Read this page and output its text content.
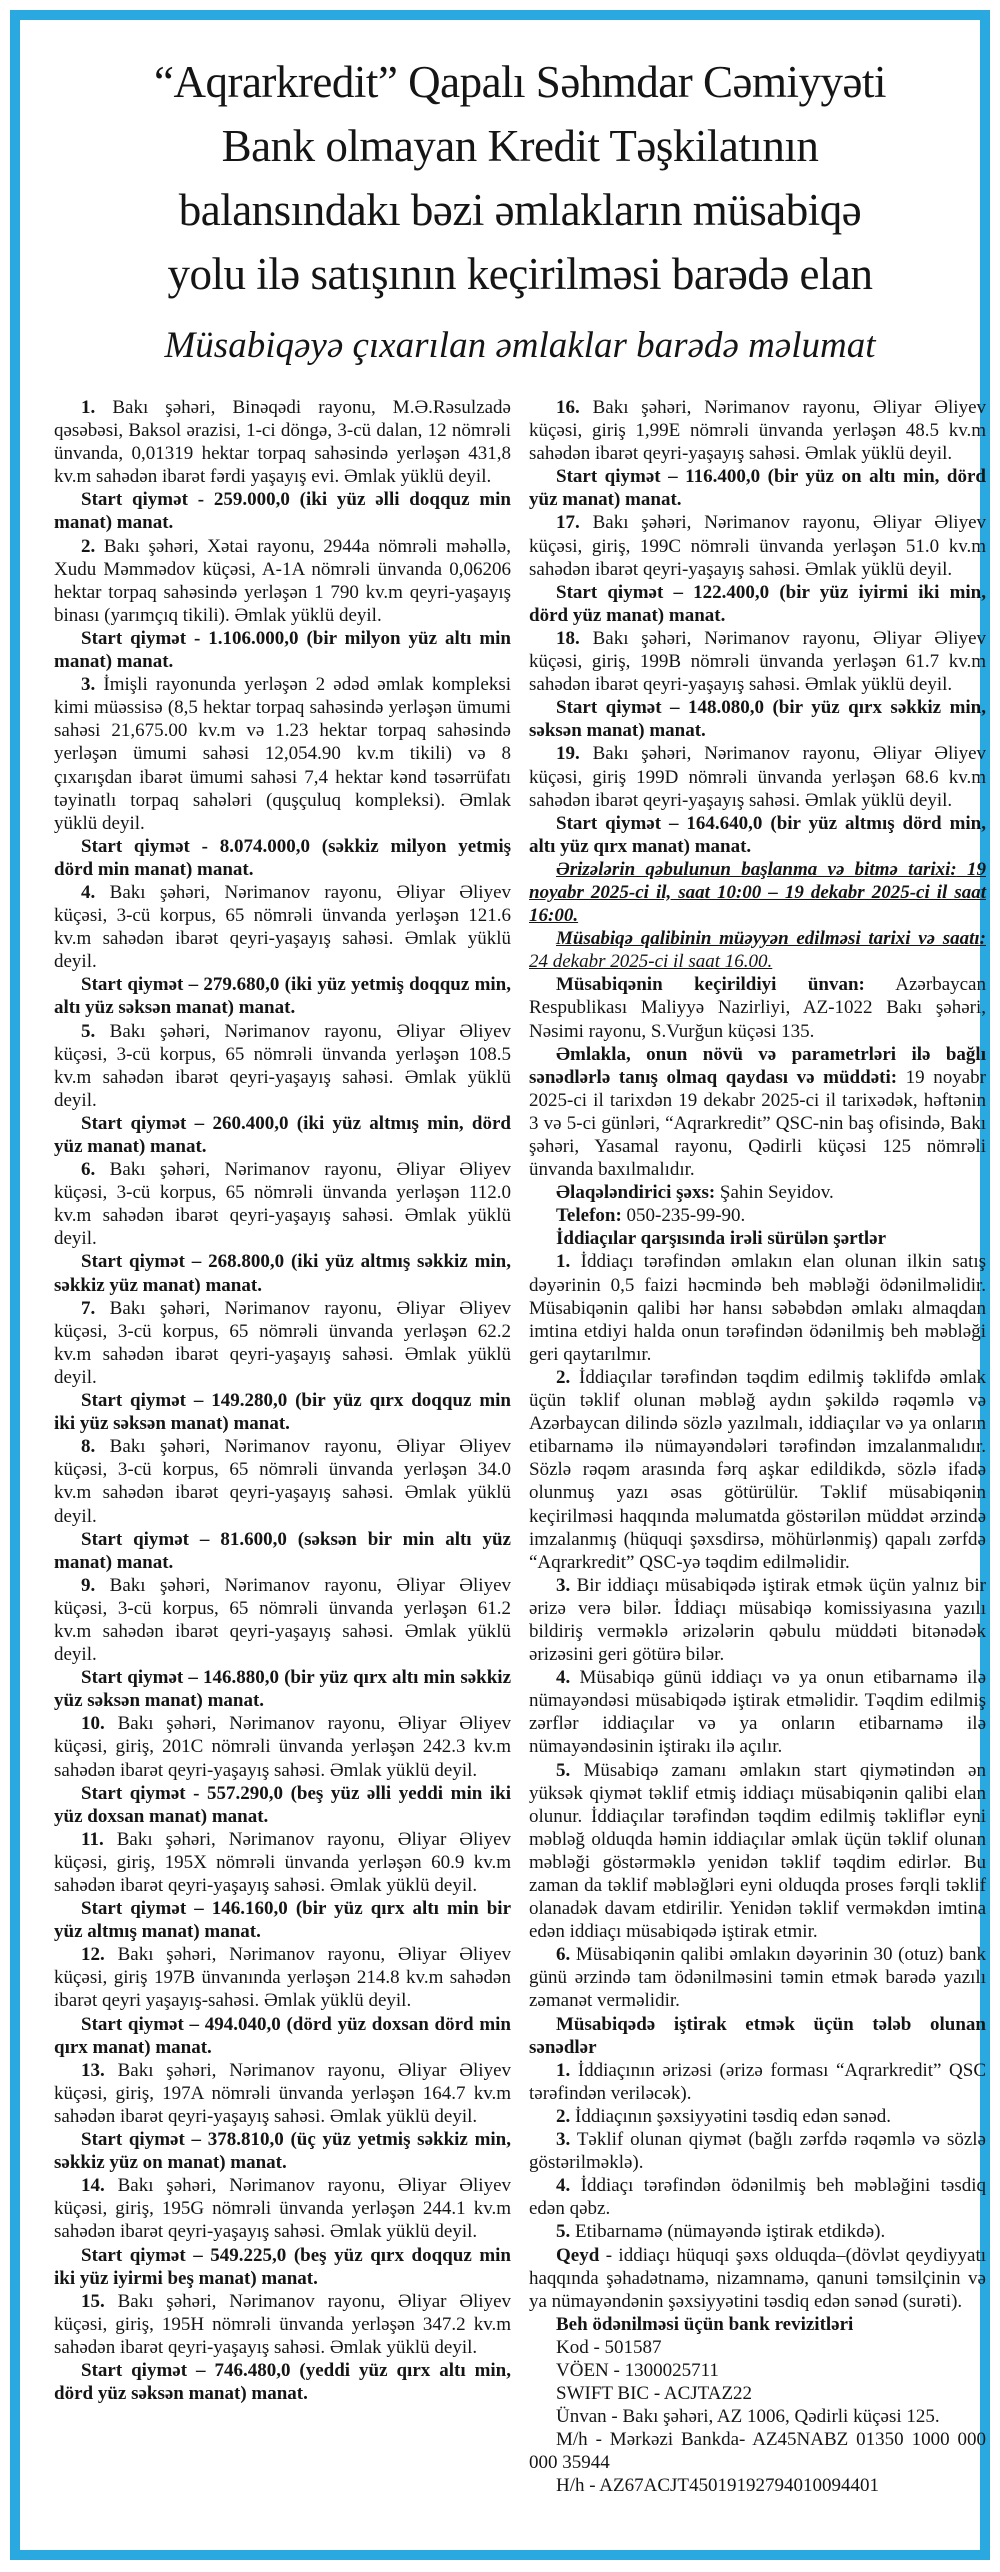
“Aqrarkredit” Qapalı Səhmdar Cəmiyyəti
Bank olmayan Kredit Təşkilatının
balansındakı bəzi əmlakların müsabiqə
yolu ilə satışının keçirilməsi barədə elan
Müsabiqəyə çıxarılan əmlaklar barədə məlumat

1. Bakı şəhəri, Binəqədi rayonu, M.Ə.Rəsulzadə qəsəbəsi, Baksol ərazisi, 1-ci döngə, 3-cü dalan, 12 nömrəli ünvanda, 0,01319 hektar torpaq sahəsində yerləşən 431,8 kv.m sahədən ibarət fərdi yaşayış evi. Əmlak yüklü deyil.

Start qiymət - 259.000,0 (iki yüz əlli doqquz min manat) manat.

2. Bakı şəhəri, Xətai rayonu, 2944a nömrəli məhəllə, Xudu Məmmədov küçəsi, A-1A nömrəli ünvanda 0,06206 hektar torpaq sahəsində yerləşən 1 790 kv.m qeyri-yaşayış binası (yarımçıq tikili). Əmlak yüklü deyil.

Start qiymət - 1.106.000,0 (bir milyon yüz altı min manat) manat.

3. İmişli rayonunda yerləşən 2 ədəd əmlak kompleksi kimi müəssisə (8,5 hektar torpaq sahəsində yerləşən ümumi sahəsi 21,675.00 kv.m və 1.23 hektar torpaq sahəsində yerləşən ümumi sahəsi 12,054.90 kv.m tikili) və 8 çıxarışdan ibarət ümumi sahəsi 7,4 hektar kənd təsərrüfatı təyinatlı torpaq sahələri (quşçuluq kompleksi). Əmlak yüklü deyil.

Start qiymət - 8.074.000,0 (səkkiz milyon yetmiş dörd min manat) manat.

4. Bakı şəhəri, Nərimanov rayonu, Əliyar Əliyev küçəsi, 3-cü korpus, 65 nömrəli ünvanda yerləşən 121.6 kv.m sahədən ibarət qeyri-yaşayış sahəsi. Əmlak yüklü deyil.

Start qiymət – 279.680,0 (iki yüz yetmiş doqquz min, altı yüz səksən manat) manat.

5. Bakı şəhəri, Nərimanov rayonu, Əliyar Əliyev küçəsi, 3-cü korpus, 65 nömrəli ünvanda yerləşən 108.5 kv.m sahədən ibarət qeyri-yaşayış sahəsi. Əmlak yüklü deyil.

Start qiymət – 260.400,0 (iki yüz altmış min, dörd yüz manat) manat.

6. Bakı şəhəri, Nərimanov rayonu, Əliyar Əliyev küçəsi, 3-cü korpus, 65 nömrəli ünvanda yerləşən 112.0 kv.m sahədən ibarət qeyri-yaşayış sahəsi. Əmlak yüklü deyil.

Start qiymət – 268.800,0 (iki yüz altmış səkkiz min, səkkiz yüz manat) manat.

7. Bakı şəhəri, Nərimanov rayonu, Əliyar Əliyev küçəsi, 3-cü korpus, 65 nömrəli ünvanda yerləşən 62.2 kv.m sahədən ibarət qeyri-yaşayış sahəsi. Əmlak yüklü deyil.

Start qiymət – 149.280,0 (bir yüz qırx doqquz min iki yüz səksən manat) manat.

8. Bakı şəhəri, Nərimanov rayonu, Əliyar Əliyev küçəsi, 3-cü korpus, 65 nömrəli ünvanda yerləşən 34.0 kv.m sahədən ibarət qeyri-yaşayış sahəsi. Əmlak yüklü deyil.

Start qiymət – 81.600,0 (səksən bir min altı yüz manat) manat.

9. Bakı şəhəri, Nərimanov rayonu, Əliyar Əliyev küçəsi, 3-cü korpus, 65 nömrəli ünvanda yerləşən 61.2 kv.m sahədən ibarət qeyri-yaşayış sahəsi. Əmlak yüklü deyil.

Start qiymət – 146.880,0 (bir yüz qırx altı min səkkiz yüz səksən manat) manat.

10. Bakı şəhəri, Nərimanov rayonu, Əliyar Əliyev küçəsi, giriş, 201C nömrəli ünvanda yerləşən 242.3 kv.m sahədən ibarət qeyri-yaşayış sahəsi. Əmlak yüklü deyil.

Start qiymət - 557.290,0 (beş yüz əlli yeddi min iki yüz doxsan manat) manat.

11. Bakı şəhəri, Nərimanov rayonu, Əliyar Əliyev küçəsi, giriş, 195X nömrəli ünvanda yerləşən 60.9 kv.m sahədən ibarət qeyri-yaşayış sahəsi. Əmlak yüklü deyil.

Start qiymət – 146.160,0 (bir yüz qırx altı min bir yüz altmış manat) manat.

12. Bakı şəhəri, Nərimanov rayonu, Əliyar Əliyev küçəsi, giriş 197B ünvanında yerləşən 214.8 kv.m sahədən ibarət qeyri yaşayış-sahəsi. Əmlak yüklü deyil.

Start qiymət – 494.040,0 (dörd yüz doxsan dörd min qırx manat) manat.

13. Bakı şəhəri, Nərimanov rayonu, Əliyar Əliyev küçəsi, giriş, 197A nömrəli ünvanda yerləşən 164.7 kv.m sahədən ibarət qeyri-yaşayış sahəsi. Əmlak yüklü deyil.

Start qiymət – 378.810,0 (üç yüz yetmiş səkkiz min, səkkiz yüz on manat) manat.

14. Bakı şəhəri, Nərimanov rayonu, Əliyar Əliyev küçəsi, giriş, 195G nömrəli ünvanda yerləşən 244.1 kv.m sahədən ibarət qeyri-yaşayış sahəsi. Əmlak yüklü deyil.

Start qiymət – 549.225,0 (beş yüz qırx doqquz min iki yüz iyirmi beş manat) manat.

15. Bakı şəhəri, Nərimanov rayonu, Əliyar Əliyev küçəsi, giriş, 195H nömrəli ünvanda yerləşən 347.2 kv.m sahədən ibarət qeyri-yaşayış sahəsi. Əmlak yüklü deyil.

Start qiymət – 746.480,0 (yeddi yüz qırx altı min, dörd yüz səksən manat) manat.

16. Bakı şəhəri, Nərimanov rayonu, Əliyar Əliyev küçəsi, giriş 1,99E nömrəli ünvanda yerləşən 48.5 kv.m sahədən ibarət qeyri-yaşayış sahəsi. Əmlak yüklü deyil.

Start qiymət – 116.400,0 (bir yüz on altı min, dörd yüz manat) manat.

17. Bakı şəhəri, Nərimanov rayonu, Əliyar Əliyev küçəsi, giriş, 199C nömrəli ünvanda yerləşən 51.0 kv.m sahədən ibarət qeyri-yaşayış sahəsi. Əmlak yüklü deyil.

Start qiymət – 122.400,0 (bir yüz iyirmi iki min, dörd yüz manat) manat.

18. Bakı şəhəri, Nərimanov rayonu, Əliyar Əliyev küçəsi, giriş, 199B nömrəli ünvanda yerləşən 61.7 kv.m sahədən ibarət qeyri-yaşayış sahəsi. Əmlak yüklü deyil.

Start qiymət – 148.080,0 (bir yüz qırx səkkiz min, səksən manat) manat.

19. Bakı şəhəri, Nərimanov rayonu, Əliyar Əliyev küçəsi, giriş 199D nömrəli ünvanda yerləşən 68.6 kv.m sahədən ibarət qeyri-yaşayış sahəsi. Əmlak yüklü deyil.

Start qiymət – 164.640,0 (bir yüz altmış dörd min, altı yüz qırx manat) manat.

Ərizələrin qəbulunun başlanma və bitmə tarixi: 19 noyabr 2025-ci il, saat 10:00 – 19 dekabr 2025-ci il saat 16:00.

Müsabiqə qalibinin müəyyən edilməsi tarixi və saatı: 24 dekabr 2025-ci il saat 16.00.

Müsabiqənin keçirildiyi ünvan: Azərbaycan Respublikası Maliyyə Nazirliyi, AZ-1022 Bakı şəhəri, Nəsimi rayonu, S.Vurğun küçəsi 135.

Əmlakla, onun növü və parametrləri ilə bağlı sənədlərlə tanış olmaq qaydası və müddəti: 19 noyabr 2025-ci il tarixdən 19 dekabr 2025-ci il tarixədək, həftənin 3 və 5-ci günləri, “Aqrarkredit” QSC-nin baş ofisində, Bakı şəhəri, Yasamal rayonu, Qədirli küçəsi 125 nömrəli ünvanda baxılmalıdır.

Əlaqələndirici şəxs: Şahin Seyidov.

Telefon: 050-235-99-90.

İddiaçılar qarşısında irəli sürülən şərtlər

1. İddiaçı tərəfindən əmlakın elan olunan ilkin satış dəyərinin 0,5 faizi həcmində beh məbləği ödənilməlidir. Müsabiqənin qalibi hər hansı səbəbdən əmlakı almaqdan imtina etdiyi halda onun tərəfindən ödənilmiş beh məbləği geri qaytarılmır.

2. İddiaçılar tərəfindən təqdim edilmiş təklifdə əmlak üçün təklif olunan məbləğ aydın şəkildə rəqəmlə və Azərbaycan dilində sözlə yazılmalı, iddiaçılar və ya onların etibarnamə ilə nümayəndələri tərəfindən imzalanmalıdır. Sözlə rəqəm arasında fərq aşkar edildikdə, sözlə ifadə olunmuş yazı əsas götürülür. Təklif müsabiqənin keçirilməsi haqqında məlumatda göstərilən müddət ərzində imzalanmış (hüquqi şəxsdirsə, möhürlənmiş) qapalı zərfdə “Aqrarkredit” QSC-yə təqdim edilməlidir.

3. Bir iddiaçı müsabiqədə iştirak etmək üçün yalnız bir ərizə verə bilər. İddiaçı müsabiqə komissiyasına yazılı bildiriş verməklə ərizələrin qəbulu müddəti bitənədək ərizəsini geri götürə bilər.

4. Müsabiqə günü iddiaçı və ya onun etibarnamə ilə nümayəndəsi müsabiqədə iştirak etməlidir. Təqdim edilmiş zərflər iddiaçılar və ya onların etibarnamə ilə nümayəndəsinin iştirakı ilə açılır.

5. Müsabiqə zamanı əmlakın start qiymətindən ən yüksək qiymət təklif etmiş iddiaçı müsabiqənin qalibi elan olunur. İddiaçılar tərəfindən təqdim edilmiş təkliflər eyni məbləğ olduqda həmin iddiaçılar əmlak üçün təklif olunan məbləği göstərməklə yenidən təklif təqdim edirlər. Bu zaman da təklif məbləğləri eyni olduqda proses fərqli təklif olanadək davam etdirilir. Yenidən təklif verməkdən imtina edən iddiaçı müsabiqədə iştirak etmir.

6. Müsabiqənin qalibi əmlakın dəyərinin 30 (otuz) bank günü ərzində tam ödənilməsini təmin etmək barədə yazılı zəmanət verməlidir.

Müsabiqədə iştirak etmək üçün tələb olunan sənədlər

1. İddiaçının ərizəsi (ərizə forması “Aqrarkredit” QSC tərəfindən veriləcək).

2. İddiaçının şəxsiyyətini təsdiq edən sənəd.

3. Təklif olunan qiymət (bağlı zərfdə rəqəmlə və sözlə göstərilməklə).

4. İddiaçı tərəfindən ödənilmiş beh məbləğini təsdiq edən qəbz.

5. Etibarnamə (nümayəndə iştirak etdikdə).

Qeyd - iddiaçı hüquqi şəxs olduqda–(dövlət qeydiyyatı haqqında şəhadətnamə, nizamnamə, qanuni təmsilçinin və ya nümayəndənin şəxsiyyətini təsdiq edən sənəd (surəti).

Beh ödənilməsi üçün bank revizitləri

Kod - 501587

VÖEN - 1300025711

SWIFT BIC - ACJTAZ22

Ünvan - Bakı şəhəri, AZ 1006, Qədirli küçəsi 125.

M/h - Mərkəzi Bankda- AZ45NABZ 01350 1000 000 000 35944

H/h - AZ67ACJT45019192794010094401
